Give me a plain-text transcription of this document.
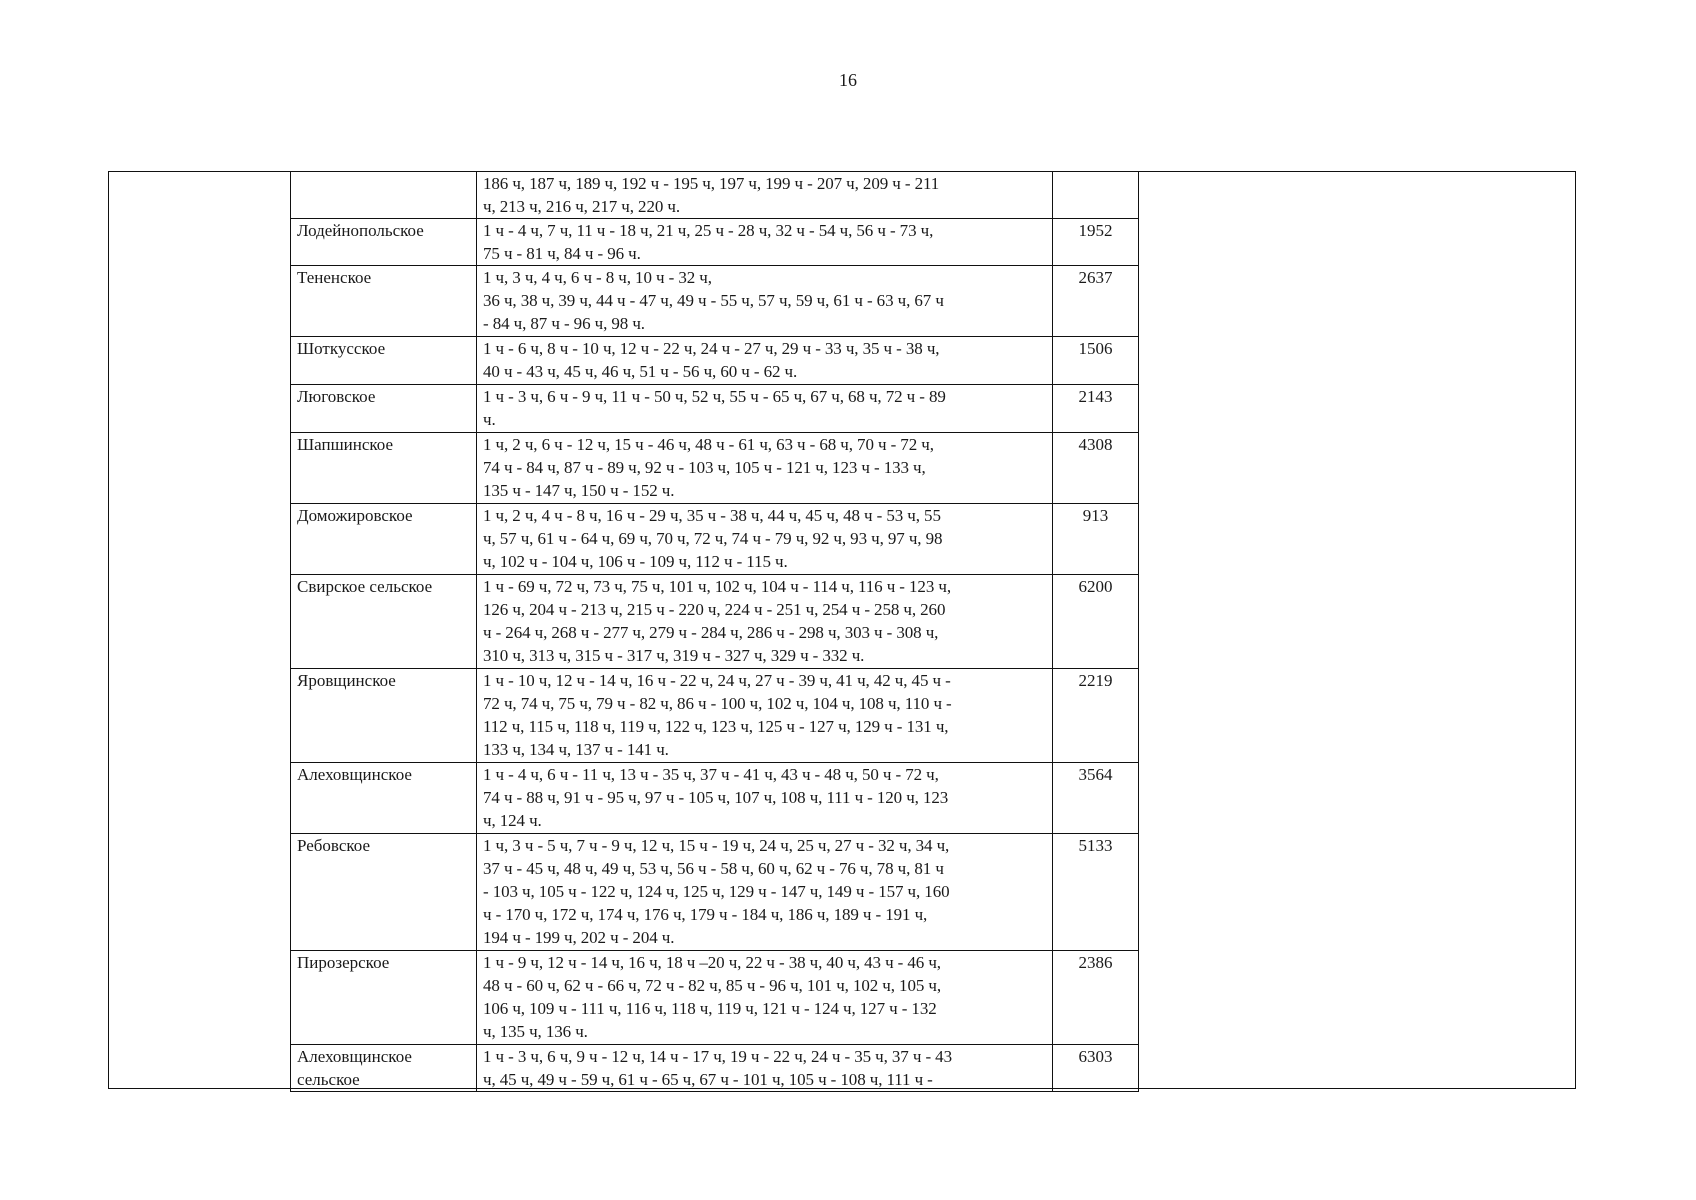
16
	186 ч, 187 ч, 189 ч, 192 ч - 195 ч, 197 ч, 199 ч - 207 ч, 209 ч - 211
ч, 213 ч, 216 ч, 217 ч, 220 ч.	
Лодейнопольское	1 ч - 4 ч, 7 ч, 11 ч - 18 ч, 21 ч, 25 ч - 28 ч, 32 ч - 54 ч, 56 ч - 73 ч,
75 ч - 81 ч, 84 ч - 96 ч.	1952
Тененское	1 ч, 3 ч, 4 ч, 6 ч - 8 ч, 10 ч - 32 ч,
36 ч, 38 ч, 39 ч, 44 ч - 47 ч, 49 ч - 55 ч, 57 ч, 59 ч, 61 ч - 63 ч, 67 ч
- 84 ч, 87 ч - 96 ч, 98 ч.	2637
Шоткусское	1 ч - 6 ч, 8 ч - 10 ч, 12 ч - 22 ч, 24 ч - 27 ч, 29 ч - 33 ч, 35 ч - 38 ч,
40 ч - 43 ч, 45 ч, 46 ч, 51 ч - 56 ч, 60 ч - 62 ч.	1506
Люговское	1 ч - 3 ч, 6 ч - 9 ч, 11 ч - 50 ч, 52 ч, 55 ч - 65 ч, 67 ч, 68 ч, 72 ч - 89
ч.	2143
Шапшинское	1 ч, 2 ч, 6 ч - 12 ч, 15 ч - 46 ч, 48 ч - 61 ч, 63 ч - 68 ч, 70 ч - 72 ч,
74 ч - 84 ч, 87 ч - 89 ч, 92 ч - 103 ч, 105 ч - 121 ч, 123 ч - 133 ч,
135 ч - 147 ч, 150 ч - 152 ч.	4308
Доможировское	1 ч, 2 ч, 4 ч - 8 ч, 16 ч - 29 ч, 35 ч - 38 ч, 44 ч, 45 ч, 48 ч - 53 ч, 55
ч, 57 ч, 61 ч - 64 ч, 69 ч, 70 ч, 72 ч, 74 ч - 79 ч, 92 ч, 93 ч, 97 ч, 98
ч, 102 ч - 104 ч, 106 ч - 109 ч, 112 ч - 115 ч.	913
Свирское сельское	1 ч - 69 ч, 72 ч, 73 ч, 75 ч, 101 ч, 102 ч, 104 ч - 114 ч, 116 ч - 123 ч,
126 ч, 204 ч - 213 ч, 215 ч - 220 ч, 224 ч - 251 ч, 254 ч - 258 ч, 260
ч - 264 ч, 268 ч - 277 ч, 279 ч - 284 ч, 286 ч - 298 ч, 303 ч - 308 ч,
310 ч, 313 ч, 315 ч - 317 ч, 319 ч - 327 ч, 329 ч - 332 ч.	6200
Яровщинское	1 ч - 10 ч, 12 ч - 14 ч, 16 ч - 22 ч, 24 ч, 27 ч - 39 ч, 41 ч, 42 ч, 45 ч -
72 ч, 74 ч, 75 ч, 79 ч - 82 ч, 86 ч - 100 ч, 102 ч, 104 ч, 108 ч, 110 ч -
112 ч, 115 ч, 118 ч, 119 ч, 122 ч, 123 ч, 125 ч - 127 ч, 129 ч - 131 ч,
133 ч, 134 ч, 137 ч - 141 ч.	2219
Алеховщинское	1 ч - 4 ч, 6 ч - 11 ч, 13 ч - 35 ч, 37 ч - 41 ч, 43 ч - 48 ч, 50 ч - 72 ч,
74 ч - 88 ч, 91 ч - 95 ч, 97 ч - 105 ч, 107 ч, 108 ч, 111 ч - 120 ч, 123
ч, 124 ч.	3564
Ребовское	1 ч, 3 ч - 5 ч, 7 ч - 9 ч, 12 ч, 15 ч - 19 ч, 24 ч, 25 ч, 27 ч - 32 ч, 34 ч,
37 ч - 45 ч, 48 ч, 49 ч, 53 ч, 56 ч - 58 ч, 60 ч, 62 ч - 76 ч, 78 ч, 81 ч
- 103 ч, 105 ч - 122 ч, 124 ч, 125 ч, 129 ч - 147 ч, 149 ч - 157 ч, 160
ч - 170 ч, 172 ч, 174 ч, 176 ч, 179 ч - 184 ч, 186 ч, 189 ч - 191 ч,
194 ч - 199 ч, 202 ч - 204 ч.	5133
Пирозерское	1 ч - 9 ч, 12 ч - 14 ч, 16 ч, 18 ч –20 ч, 22 ч - 38 ч, 40 ч, 43 ч - 46 ч,
48 ч - 60 ч, 62 ч - 66 ч, 72 ч - 82 ч, 85 ч - 96 ч, 101 ч, 102 ч, 105 ч,
106 ч, 109 ч - 111 ч, 116 ч, 118 ч, 119 ч, 121 ч - 124 ч, 127 ч - 132
ч, 135 ч, 136 ч.	2386
Алеховщинское
сельское	1 ч - 3 ч, 6 ч, 9 ч - 12 ч, 14 ч - 17 ч, 19 ч - 22 ч, 24 ч - 35 ч, 37 ч - 43
ч, 45 ч, 49 ч - 59 ч, 61 ч - 65 ч, 67 ч - 101 ч, 105 ч - 108 ч, 111 ч -	6303
